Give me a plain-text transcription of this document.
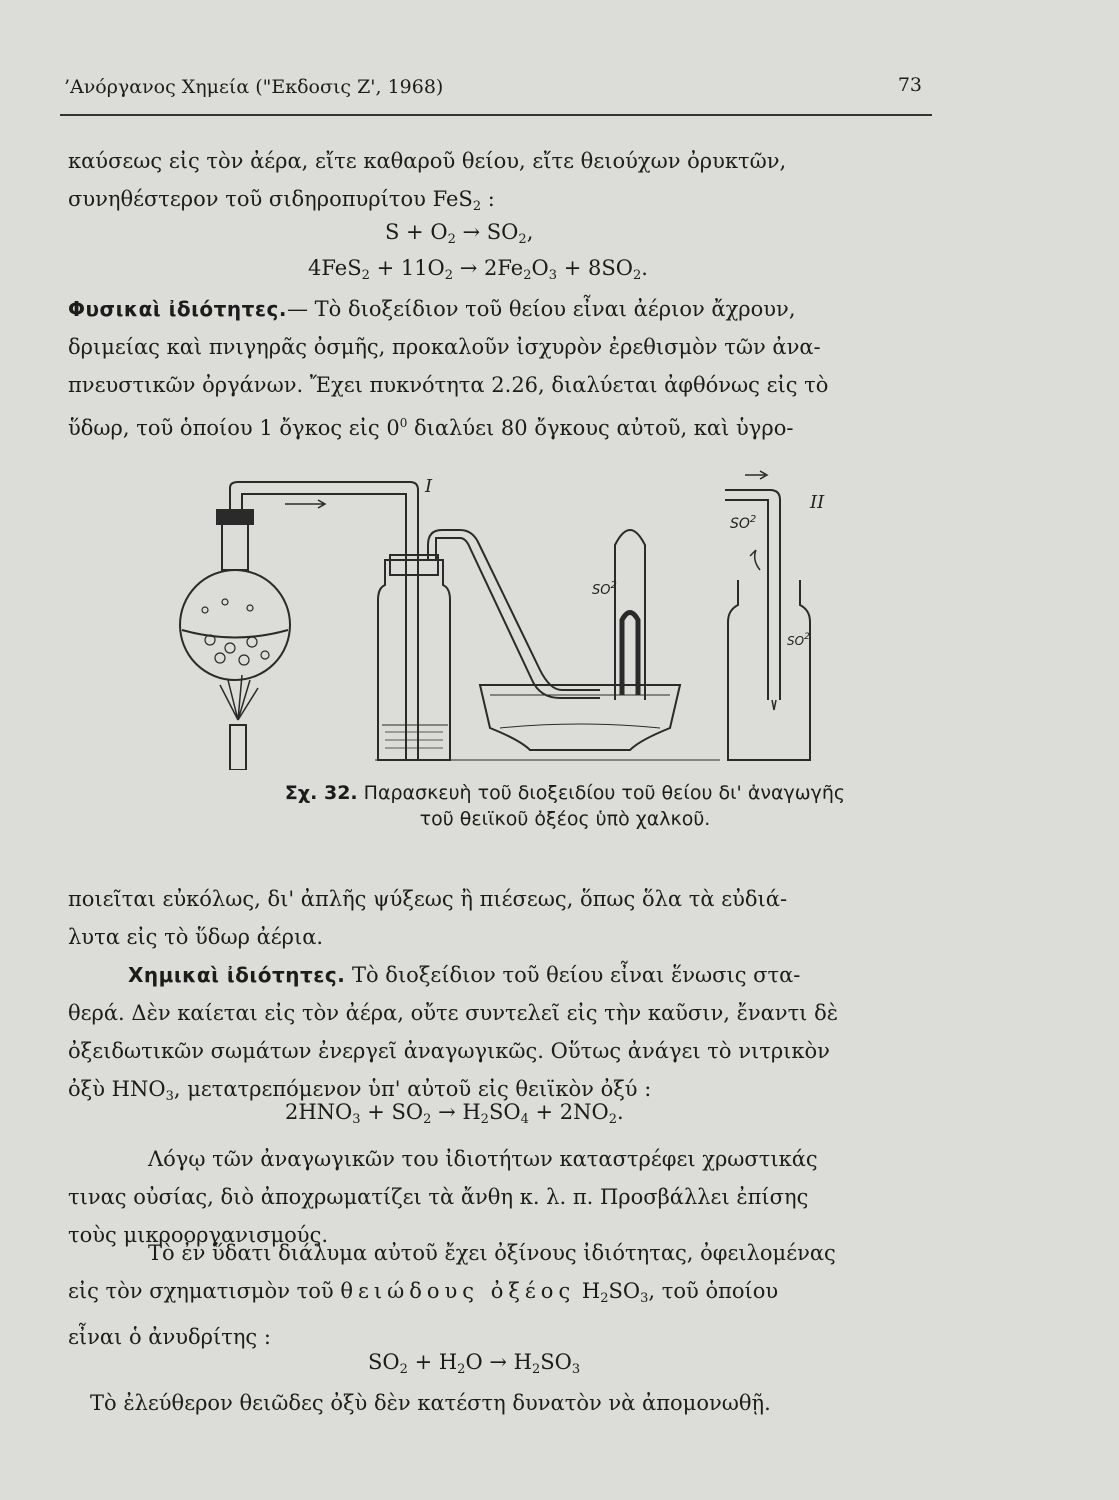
’Ανόργανος Χημεία ("Εκδοσις Ζ', 1968)	73
καύσεως εἰς τὸν ἀέρα, εἴτε καθαροῦ θείου, εἴτε θειούχων ὀρυκτῶν,
συνηθέστερον τοῦ σιδηροπυρίτου FeS$_2$ :
$S + O_2 \to SO_2$,
$4FeS_2 + 11O_2 \to 2Fe_2O_3 + 8SO_2$.
Φυσικαὶ ἰδιότητες.— Τὸ διοξείδιον τοῦ θείου εἶναι ἀέριον ἄχρουν,
δριμείας καὶ πνιγηρᾶς ὀσμῆς, προκαλοῦν ἰσχυρὸν ἐρεθισμὸν τῶν ἀνα-
πνευστικῶν ὀργάνων. Ἔχει πυκνότητα 2.26, διαλύεται ἀφθόνως εἰς τὸ
ὕδωρ, τοῦ ὁποίου 1 ὄγκος εἰς $0^0$ διαλύει 80 ὄγκους αὐτοῦ, καὶ ὑγρο-
I
II
$SO^2$
$SO^2$
$SO^2$
Σχ. 32. Παρασκευὴ τοῦ διοξειδίου τοῦ θείου δι' ἀναγωγῆς
τοῦ θειϊκοῦ ὀξέος ὑπὸ χαλκοῦ.
ποιεῖται εὐκόλως, δι' ἀπλῆς ψύξεως ἢ πιέσεως, ὅπως ὅλα τὰ εὐδιά-
λυτα εἰς τὸ ὕδωρ ἀέρια.
Χημικαὶ ἰδιότητες. Τὸ διοξείδιον τοῦ θείου εἶναι ἕνωσις στα-
θερά. Δὲν καίεται εἰς τὸν ἀέρα, οὔτε συντελεῖ εἰς τὴν καῦσιν, ἔναντι δὲ
ὀξειδωτικῶν σωμάτων ἐνεργεῖ ἀναγωγικῶς. Οὕτως ἀνάγει τὸ νιτρικὸν
ὀξὺ $HNO_3$, μετατρεπόμενον ὑπ' αὐτοῦ εἰς θειϊκὸν ὀξύ :
$2HNO_3 + SO_2 \to H_2SO_4 + 2NO_2$.
Λόγῳ τῶν ἀναγωγικῶν του ἰδιοτήτων καταστρέφει χρωστικάς
τινας οὐσίας, διὸ ἀποχρωματίζει τὰ ἄνθη κ. λ. π. Προσβάλλει ἐπίσης
τοὺς μικροοργανισμούς.
Τὸ ἐν ὕδατι διάλυμα αὐτοῦ ἔχει ὀξίνους ἰδιότητας, ὀφειλομένας
εἰς τὸν σχηματισμὸν τοῦ θειώδους ὀξέος $H_2SO_3$, τοῦ ὁποίου
εἶναι ὁ ἀνυδρίτης :
$SO_2 + H_2O \to H_2SO_3$
Τὸ ἐλεύθερον θειῶδες ὀξὺ δὲν κατέστη δυνατὸν νὰ ἀπομονωθῇ.
